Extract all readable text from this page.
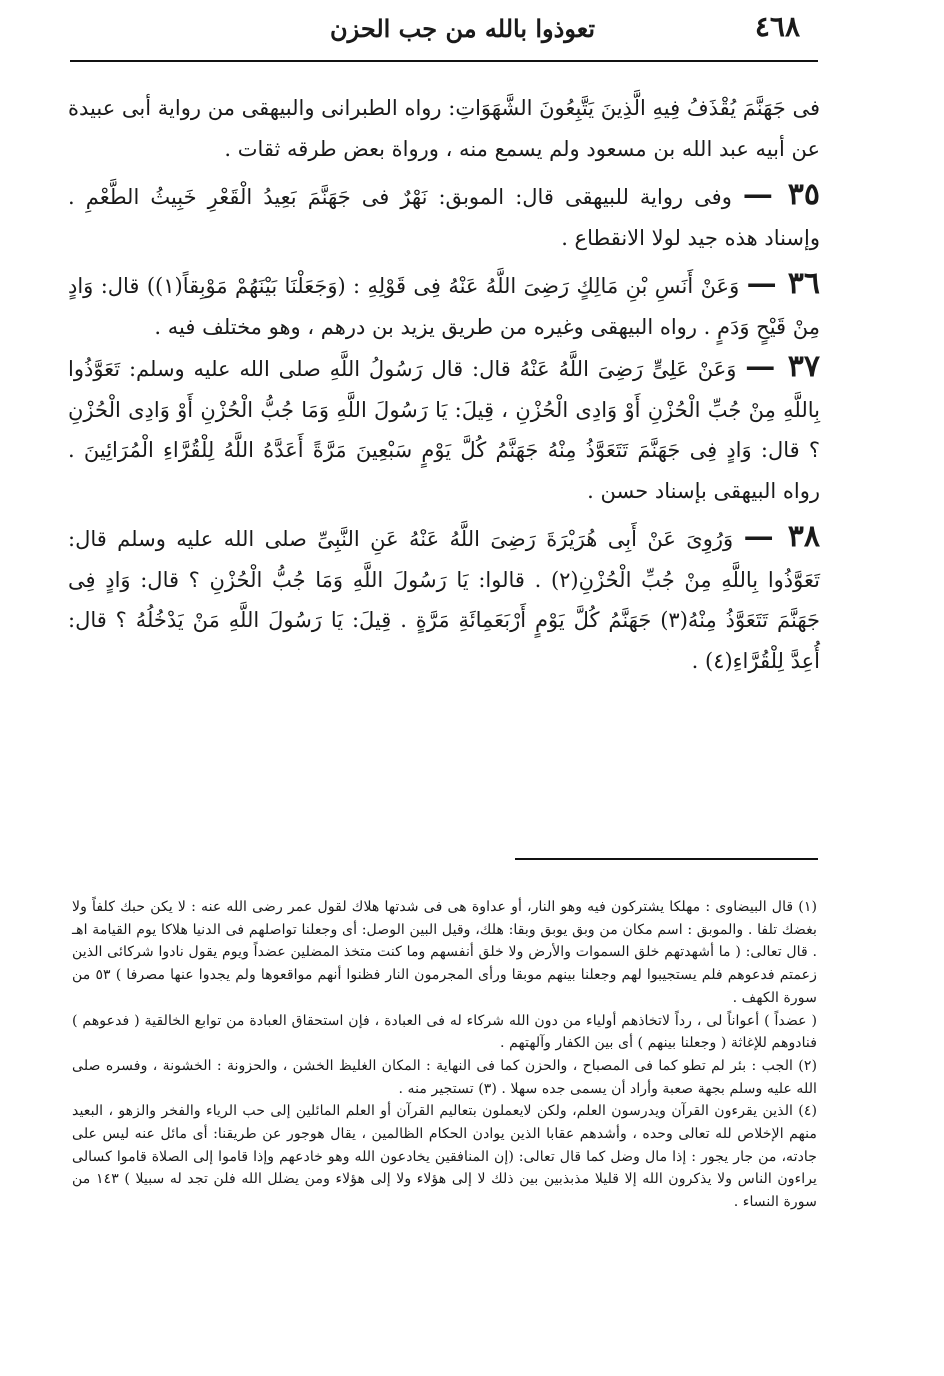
٤٦٨
تعوذوا بالله من جب الحزن

فى جَهَنَّمَ يُقْذَفُ فِيهِ الَّذِينَ يَتَّبِعُونَ الشَّهَوَاتِ: رواه الطبرانى والبيهقى من رواية أبى عبيدة عن أبيه عبد الله بن مسعود ولم يسمع منه ، ورواة بعض طرقه ثقات .

٣٥ — وفى رواية للبيهقى قال: الموبق: نَهْرٌ فى جَهَنَّمَ بَعِيدُ الْقَعْرِ خَبِيثُ الطَّعْمِ . وإسناد هذه جيد لولا الانقطاع .

٣٦ — وَعَنْ أَنَسِ بْنِ مَالِكٍ رَضِىَ اللَّهُ عَنْهُ فِى قَوْلِهِ : (وَجَعَلْنَا بَيْنَهُمْ مَوْبِقاً(١)) قال: وَادٍ مِنْ قَيْحٍ وَدَمٍ . رواه البيهقى وغيره من طريق يزيد بن درهم ، وهو مختلف فيه .

٣٧ — وَعَنْ عَلِىٍّ رَضِىَ اللَّهُ عَنْهُ قال: قال رَسُولُ اللَّهِ صلى الله عليه وسلم: تَعَوَّذُوا بِاللَّهِ مِنْ جُبِّ الْحُزْنِ أَوْ وَادِى الْحُزْنِ ، قِيلَ: يَا رَسُولَ اللَّهِ وَمَا جُبُّ الْحُزْنِ أَوْ وَادِى الْحُزْنِ ؟ قال: وَادٍ فِى جَهَنَّمَ تَتَعَوَّذُ مِنْهُ جَهَنَّمُ كُلَّ يَوْمٍ سَبْعِينَ مَرَّةً أَعَدَّهُ اللَّهُ لِلْقُرَّاءِ الْمُرَائِينَ . رواه البيهقى بإسناد حسن .

٣٨ — وَرُوِىَ عَنْ أَبِى هُرَيْرَةَ رَضِىَ اللَّهُ عَنْهُ عَنِ النَّبِىِّ صلى الله عليه وسلم قال: تَعَوَّذُوا بِاللَّهِ مِنْ جُبِّ الْحُزْنِ(٢) . قالوا: يَا رَسُولَ اللَّهِ وَمَا جُبُّ الْحُزْنِ ؟ قال: وَادٍ فِى جَهَنَّمَ تَتَعَوَّذُ مِنْهُ(٣) جَهَنَّمُ كُلَّ يَوْمٍ أَرْبَعَمِائَةِ مَرَّةٍ . قِيلَ: يَا رَسُولَ اللَّهِ مَنْ يَدْخُلُهُ ؟ قال: أُعِدَّ لِلْقُرَّاءِ(٤) .

(١) قال البيضاوى : مهلكا يشتركون فيه وهو النار، أو عداوة هى فى شدتها هلاك لقول عمر رضى الله عنه : لا يكن حبك كلفاً ولا بغضك تلفا . والموبق : اسم مكان من وبق يوبق وبقا: هلك، وقيل البين الوصل: أى وجعلنا تواصلهم فى الدنيا هلاكا يوم القيامة اهـ . قال تعالى: ( ما أشهدتهم خلق السموات والأرض ولا خلق أنفسهم وما كنت متخذ المضلين عضداً ويوم يقول نادوا شركائى الذين زعمتم فدعوهم فلم يستجيبوا لهم وجعلنا بينهم موبقا ورأى المجرمون النار فظنوا أنهم مواقعوها ولم يجدوا عنها مصرفا ) ٥٣ من سورة الكهف .

( عضداً ) أعواناً لى ، رداً لاتخاذهم أولياء من دون الله شركاء له فى العبادة ، فإن استحقاق العبادة من توابع الخالقية ( فدعوهم ) فنادوهم للإغاثة ( وجعلنا بينهم ) أى بين الكفار وآلهتهم .

(٢) الجب : بئر لم تطو كما فى المصباح ، والحزن كما فى النهاية : المكان الغليظ الخشن ، والحزونة : الخشونة ، وفسره صلى الله عليه وسلم بجهة صعبة وأراد أن يسمى جده سهلا . (٣) تستجير منه .

(٤) الذين يقرءون القرآن ويدرسون العلم، ولكن لايعملون بتعاليم القرآن أو العلم المائلين إلى حب الرياء والفخر والزهو ، البعيد منهم الإخلاص لله تعالى وحده ، وأشدهم عقابا الذين يوادن الحكام الظالمين ، يقال هوجور عن طريقنا: أى مائل عنه ليس على جادته، من جار يجور : إذا مال وضل كما قال تعالى: (إن المنافقين يخادعون الله وهو خادعهم وإذا قاموا إلى الصلاة قاموا كسالى يراءون الناس ولا يذكرون الله إلا قليلا مذبذبين بين ذلك لا إلى هؤلاء ولا إلى هؤلاء ومن يضلل الله فلن تجد له سبيلا ) ١٤٣ من سورة النساء .
